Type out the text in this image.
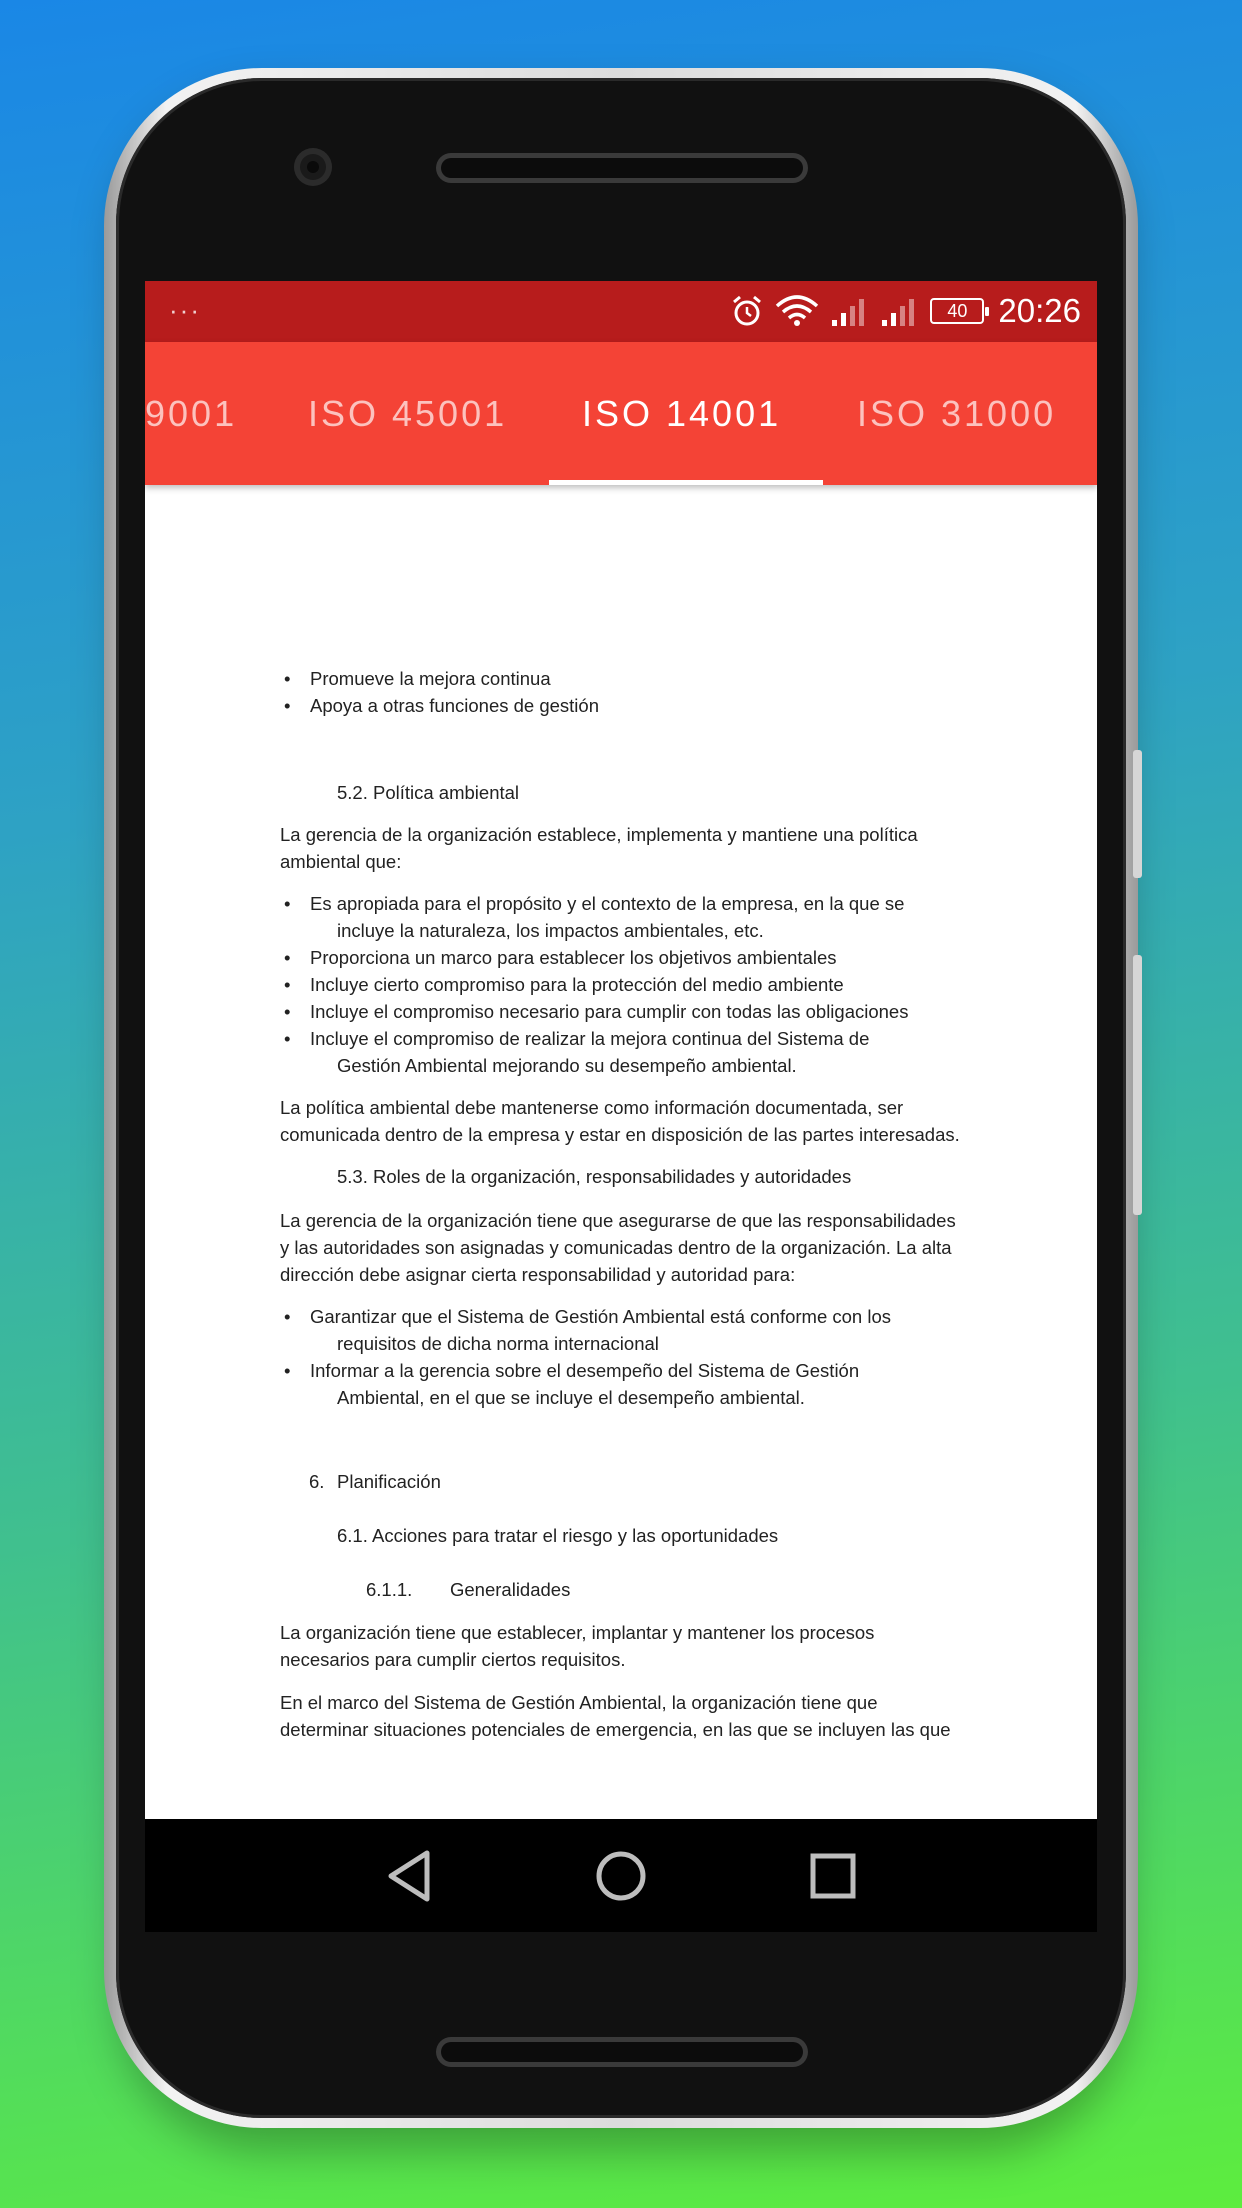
···	40 20:26
9001 ISO 45001 ISO 14001 ISO 31000

• Promueve la mejora continua

• Apoya a otras funciones de gestión

5.2. Política ambiental

La gerencia de la organización establece, implementa y mantiene una política

ambiental que:

• Es apropiada para el propósito y el contexto de la empresa, en la que se

incluye la naturaleza, los impactos ambientales, etc.

• Proporciona un marco para establecer los objetivos ambientales

• Incluye cierto compromiso para la protección del medio ambiente

• Incluye el compromiso necesario para cumplir con todas las obligaciones

• Incluye el compromiso de realizar la mejora continua del Sistema de

Gestión Ambiental mejorando su desempeño ambiental.

La política ambiental debe mantenerse como información documentada, ser

comunicada dentro de la empresa y estar en disposición de las partes interesadas.

5.3. Roles de la organización, responsabilidades y autoridades

La gerencia de la organización tiene que asegurarse de que las responsabilidades

y las autoridades son asignadas y comunicadas dentro de la organización. La alta

dirección debe asignar cierta responsabilidad y autoridad para:

• Garantizar que el Sistema de Gestión Ambiental está conforme con los

requisitos de dicha norma internacional

• Informar a la gerencia sobre el desempeño del Sistema de Gestión

Ambiental, en el que se incluye el desempeño ambiental.

6. Planificación

6.1. Acciones para tratar el riesgo y las oportunidades

6.1.1.	Generalidades

La organización tiene que establecer, implantar y mantener los procesos

necesarios para cumplir ciertos requisitos.

En el marco del Sistema de Gestión Ambiental, la organización tiene que

determinar situaciones potenciales de emergencia, en las que se incluyen las que
